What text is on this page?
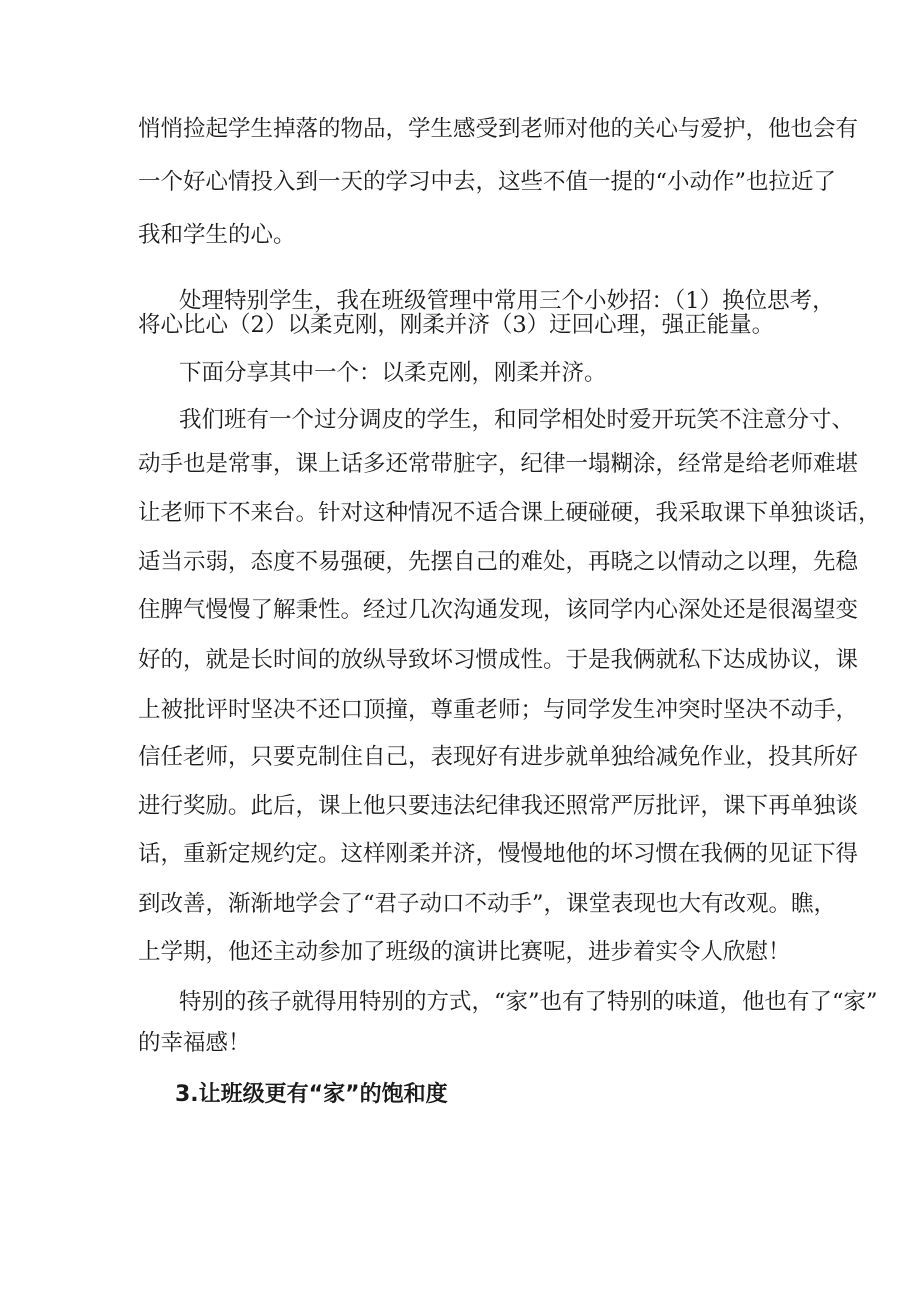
悄悄捡起学生掉落的物品，学生感受到老师对他的关心与爱护，他也会有
一个好心情投入到一天的学习中去，这些不值一提的“小动作”也拉近了
我和学生的心。
处理特别学生，我在班级管理中常用三个小妙招：（1）换位思考，
将心比心（2）以柔克刚，刚柔并济（3）迂回心理，强正能量。
下面分享其中一个：以柔克刚，刚柔并济。
我们班有一个过分调皮的学生，和同学相处时爱开玩笑不注意分寸、
动手也是常事，课上话多还常带脏字，纪律一塌糊涂，经常是给老师难堪
让老师下不来台。针对这种情况不适合课上硬碰硬，我采取课下单独谈话，
适当示弱，态度不易强硬，先摆自己的难处，再晓之以情动之以理，先稳
住脾气慢慢了解秉性。经过几次沟通发现，该同学内心深处还是很渴望变
好的，就是长时间的放纵导致坏习惯成性。于是我俩就私下达成协议，课
上被批评时坚决不还口顶撞，尊重老师；与同学发生冲突时坚决不动手，
信任老师，只要克制住自己，表现好有进步就单独给减免作业，投其所好
进行奖励。此后，课上他只要违法纪律我还照常严厉批评，课下再单独谈
话，重新定规约定。这样刚柔并济，慢慢地他的坏习惯在我俩的见证下得
到改善，渐渐地学会了“君子动口不动手”，课堂表现也大有改观。瞧，
上学期，他还主动参加了班级的演讲比赛呢，进步着实令人欣慰！
特别的孩子就得用特别的方式，“家”也有了特别的味道，他也有了“家”
的幸福感！
3.让班级更有“家”的饱和度
